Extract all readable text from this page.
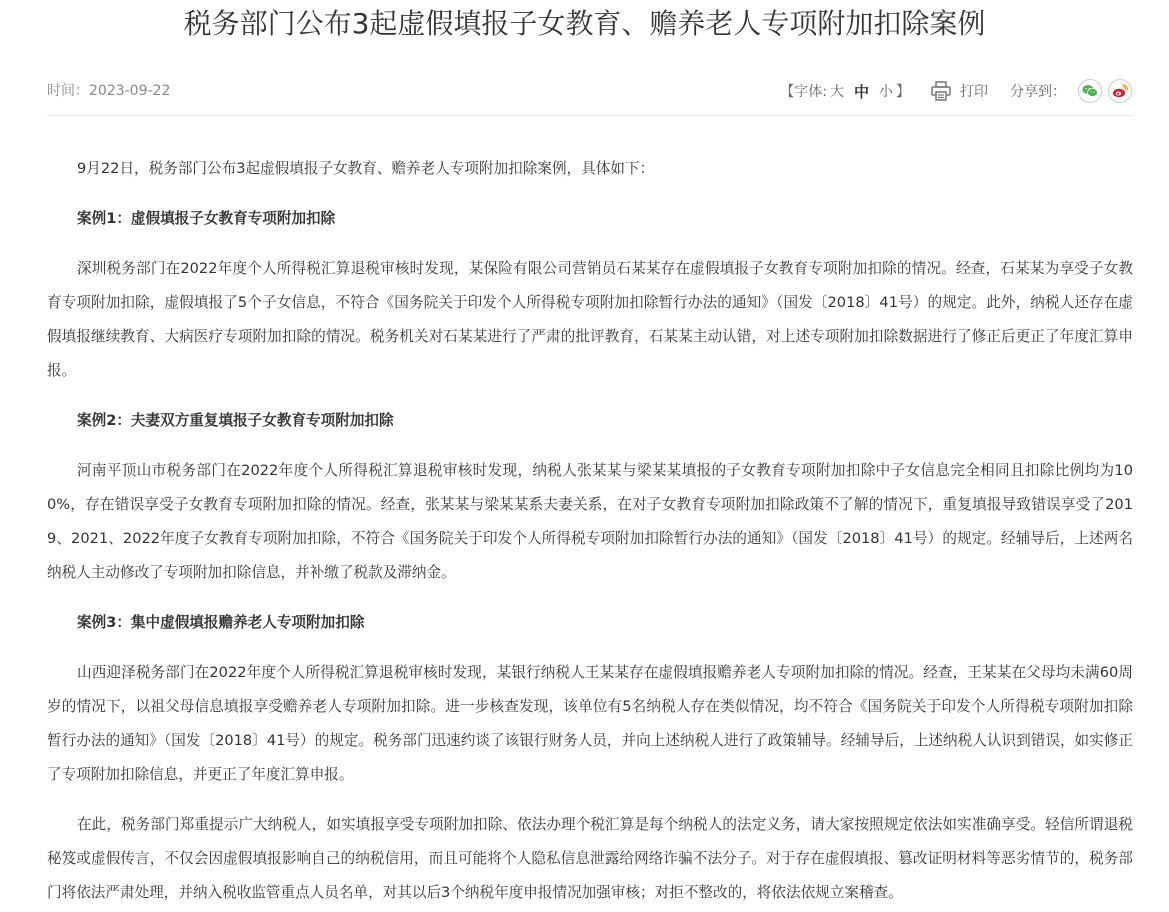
税务部门公布3起虚假填报子女教育、赡养老人专项附加扣除案例
时间：2023-09-22	【字体: 大 中 小 】	打印 分享到：

9月22日，税务部门公布3起虚假填报子女教育、赡养老人专项附加扣除案例，具体如下：

案例1：虚假填报子女教育专项附加扣除

深圳税务部门在2022年度个人所得税汇算退税审核时发现，某保险有限公司营销员石某某存在虚假填报子女教育专项附加扣除的情况。经查，石某某为享受子女教育专项附加扣除，虚假填报了5个子女信息，不符合《国务院关于印发个人所得税专项附加扣除暂行办法的通知》（国发〔2018〕41号）的规定。此外，纳税人还存在虚假填报继续教育、大病医疗专项附加扣除的情况。税务机关对石某某进行了严肃的批评教育，石某某主动认错，对上述专项附加扣除数据进行了修正后更正了年度汇算申报。

案例2：夫妻双方重复填报子女教育专项附加扣除

河南平顶山市税务部门在2022年度个人所得税汇算退税审核时发现，纳税人张某某与梁某某填报的子女教育专项附加扣除中子女信息完全相同且扣除比例均为100%，存在错误享受子女教育专项附加扣除的情况。经查，张某某与梁某某系夫妻关系，在对子女教育专项附加扣除政策不了解的情况下，重复填报导致错误享受了2019、2021、2022年度子女教育专项附加扣除，不符合《国务院关于印发个人所得税专项附加扣除暂行办法的通知》（国发〔2018〕41号）的规定。经辅导后，上述两名纳税人主动修改了专项附加扣除信息，并补缴了税款及滞纳金。

案例3：集中虚假填报赡养老人专项附加扣除

山西迎泽税务部门在2022年度个人所得税汇算退税审核时发现，某银行纳税人王某某存在虚假填报赡养老人专项附加扣除的情况。经查，王某某在父母均未满60周岁的情况下，以祖父母信息填报享受赡养老人专项附加扣除。进一步核查发现，该单位有5名纳税人存在类似情况，均不符合《国务院关于印发个人所得税专项附加扣除暂行办法的通知》（国发〔2018〕41号）的规定。税务部门迅速约谈了该银行财务人员，并向上述纳税人进行了政策辅导。经辅导后，上述纳税人认识到错误，如实修正了专项附加扣除信息，并更正了年度汇算申报。

在此，税务部门郑重提示广大纳税人，如实填报享受专项附加扣除、依法办理个税汇算是每个纳税人的法定义务，请大家按照规定依法如实准确享受。轻信所谓退税秘笈或虚假传言，不仅会因虚假填报影响自己的纳税信用，而且可能将个人隐私信息泄露给网络诈骗不法分子。对于存在虚假填报、篡改证明材料等恶劣情节的，税务部门将依法严肃处理，并纳入税收监管重点人员名单，对其以后3个纳税年度申报情况加强审核；对拒不整改的，将依法依规立案稽查。
